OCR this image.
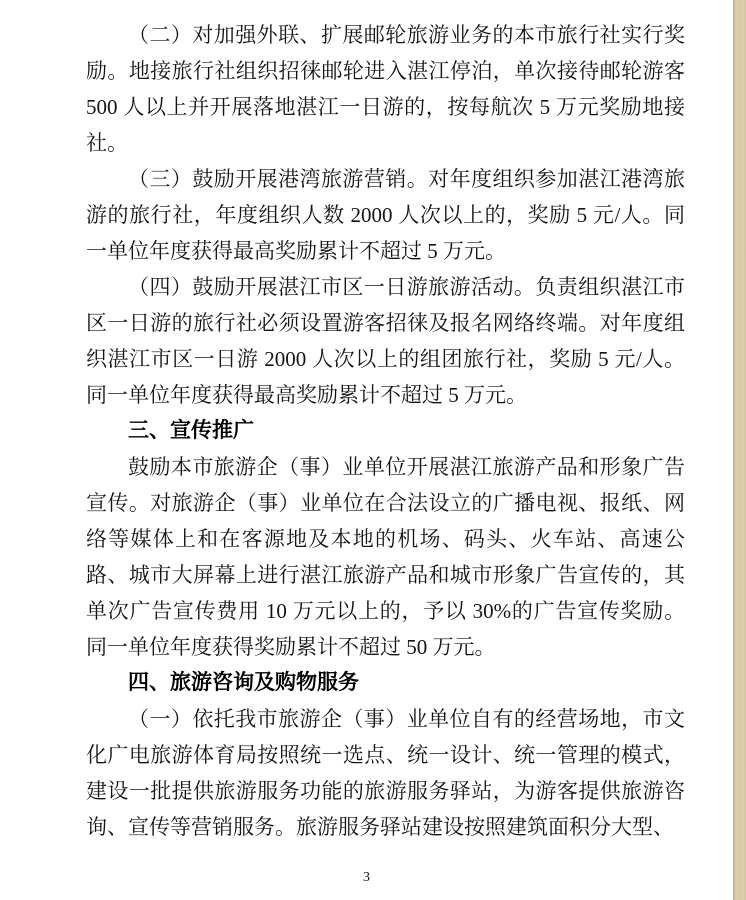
（二）对加强外联、扩展邮轮旅游业务的本市旅行社实行奖励。地接旅行社组织招徕邮轮进入湛江停泊，单次接待邮轮游客 500 人以上并开展落地湛江一日游的，按每航次 5 万元奖励地接社。

（三）鼓励开展港湾旅游营销。对年度组织参加湛江港湾旅游的旅行社，年度组织人数 2000 人次以上的，奖励 5 元/人。同一单位年度获得最高奖励累计不超过 5 万元。

（四）鼓励开展湛江市区一日游旅游活动。负责组织湛江市区一日游的旅行社必须设置游客招徕及报名网络终端。对年度组织湛江市区一日游 2000 人次以上的组团旅行社，奖励 5 元/人。同一单位年度获得最高奖励累计不超过 5 万元。

三、宣传推广

鼓励本市旅游企（事）业单位开展湛江旅游产品和形象广告宣传。对旅游企（事）业单位在合法设立的广播电视、报纸、网络等媒体上和在客源地及本地的机场、码头、火车站、高速公路、城市大屏幕上进行湛江旅游产品和城市形象广告宣传的，其单次广告宣传费用 10 万元以上的，予以 30%的广告宣传奖励。同一单位年度获得奖励累计不超过 50 万元。

四、旅游咨询及购物服务

（一）依托我市旅游企（事）业单位自有的经营场地，市文化广电旅游体育局按照统一选点、统一设计、统一管理的模式，建设一批提供旅游服务功能的旅游服务驿站，为游客提供旅游咨询、宣传等营销服务。旅游服务驿站建设按照建筑面积分大型、

3
